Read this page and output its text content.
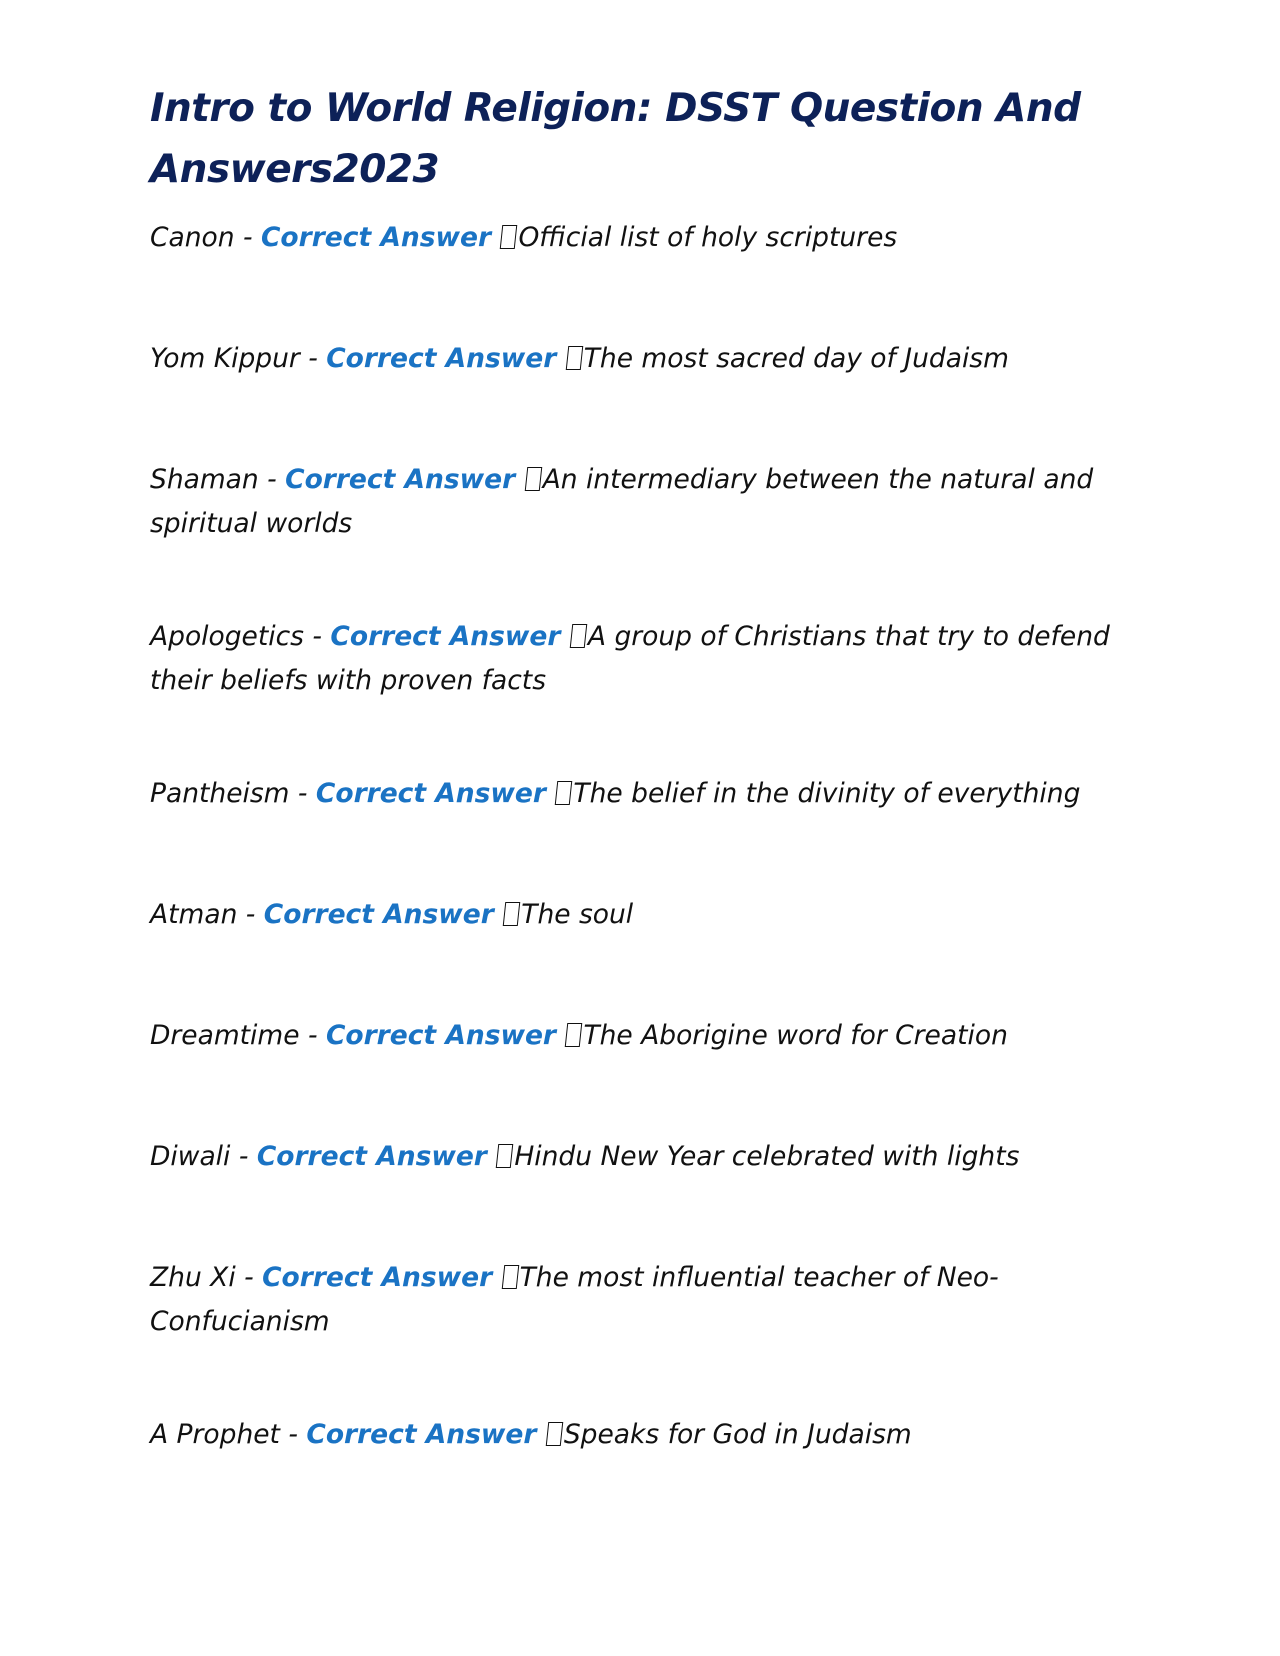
Intro to World Religion: DSST Question And Answers2023

Canon - Correct Answer Official list of holy scriptures

Yom Kippur - Correct Answer The most sacred day of Judaism

Shaman - Correct Answer An intermediary between the natural and spiritual worlds

Apologetics - Correct Answer A group of Christians that try to defend their beliefs with proven facts

Pantheism - Correct Answer The belief in the divinity of everything

Atman - Correct Answer The soul

Dreamtime - Correct Answer The Aborigine word for Creation

Diwali - Correct Answer Hindu New Year celebrated with lights

Zhu Xi - Correct Answer The most influential teacher of Neo-Confucianism

A Prophet - Correct Answer Speaks for God in Judaism
